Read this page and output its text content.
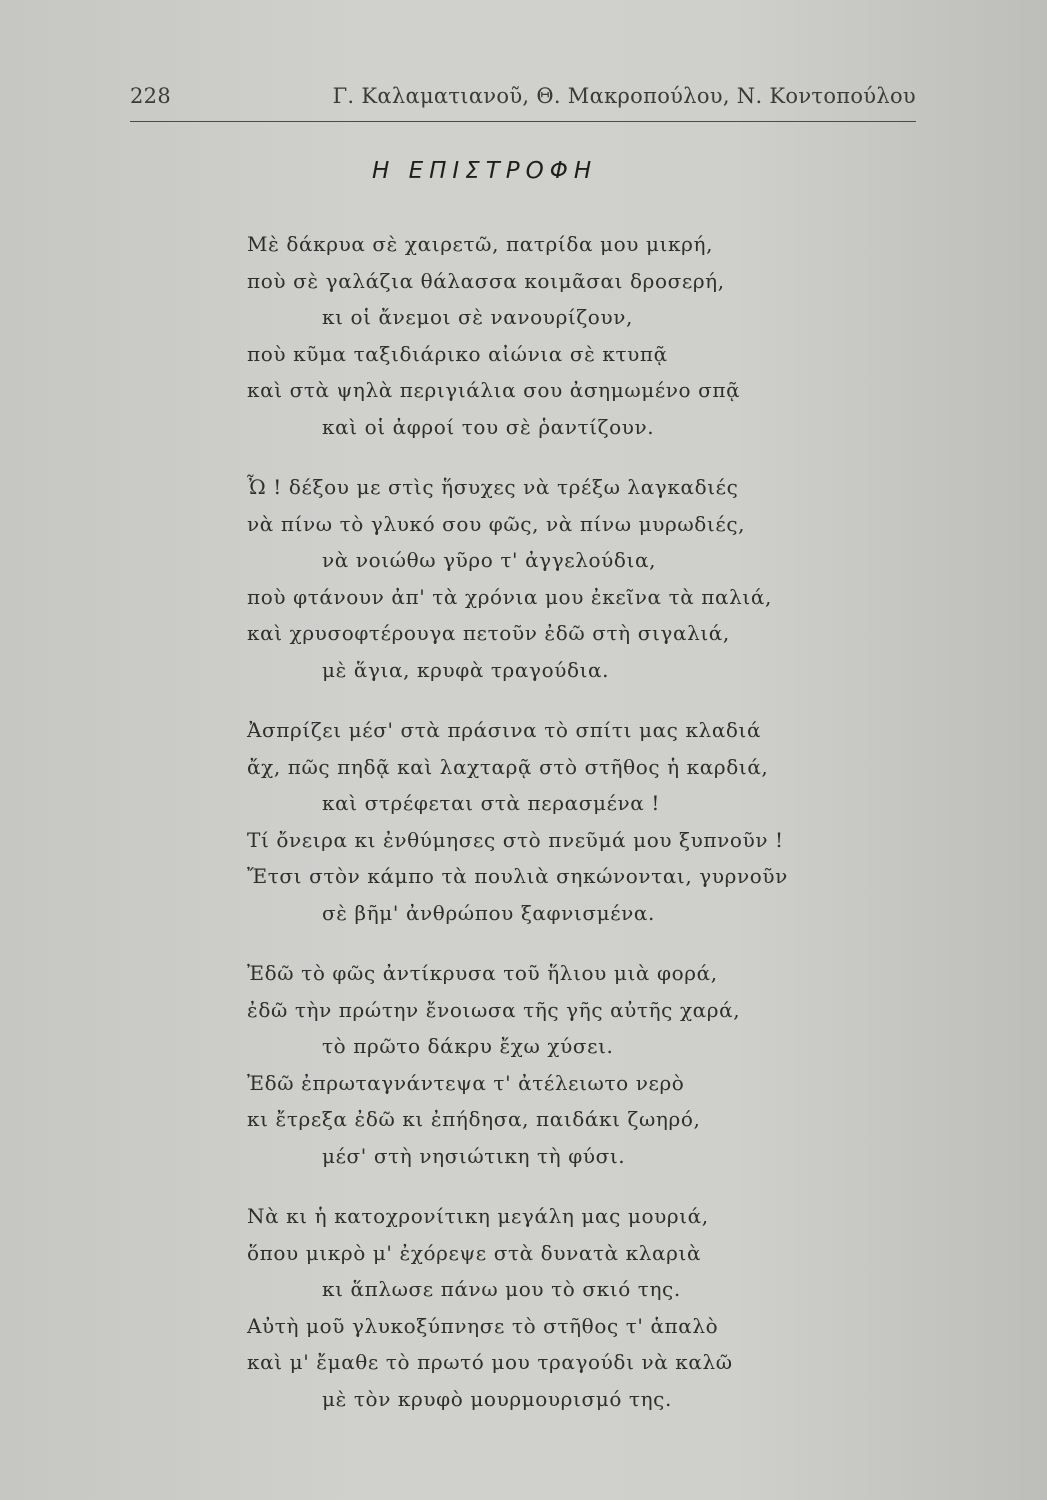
228	Γ. Καλαματιανοῦ, Θ. Μακροπούλου, Ν. Κοντοπούλου
Η ΕΠΙΣΤΡΟΦΗ
Μὲ δάκρυα σὲ χαιρετῶ, πατρίδα μου μικρή,
ποὺ σὲ γαλάζια θάλασσα κοιμᾶσαι δροσερή,
κι οἱ ἄνεμοι σὲ νανουρίζουν,
ποὺ κῦμα ταξιδιάρικο αἰώνια σὲ κτυπᾷ
καὶ στὰ ψηλὰ περιγιάλια σου ἀσημωμένο σπᾷ
καὶ οἱ ἀφροί του σὲ ῥαντίζουν.
Ὦ ! δέξου με στὶς ἥσυχες νὰ τρέξω λαγκαδιές
νὰ πίνω τὸ γλυκό σου φῶς, νὰ πίνω μυρωδιές,
νὰ νοιώθω γῦρο τ' ἀγγελούδια,
ποὺ φτάνουν ἀπ' τὰ χρόνια μου ἐκεῖνα τὰ παλιά,
καὶ χρυσοφτέρουγα πετοῦν ἐδῶ στὴ σιγαλιά,
μὲ ἅγια, κρυφὰ τραγούδια.
Ἀσπρίζει μέσ' στὰ πράσινα τὸ σπίτι μας κλαδιά
ἄχ, πῶς πηδᾷ καὶ λαχταρᾷ στὸ στῆθος ἡ καρδιά,
καὶ στρέφεται στὰ περασμένα !
Τί ὄνειρα κι ἐνθύμησες στὸ πνεῦμά μου ξυπνοῦν !
Ἔτσι στὸν κάμπο τὰ πουλιὰ σηκώνονται, γυρνοῦν
σὲ βῆμ' ἀνθρώπου ξαφνισμένα.
Ἐδῶ τὸ φῶς ἀντίκρυσα τοῦ ἥλιου μιὰ φορά,
ἐδῶ τὴν πρώτην ἔνοιωσα τῆς γῆς αὐτῆς χαρά,
τὸ πρῶτο δάκρυ ἔχω χύσει.
Ἐδῶ ἐπρωταγνάντεψα τ' ἀτέλειωτο νερὸ
κι ἔτρεξα ἐδῶ κι ἐπήδησα, παιδάκι ζωηρό,
μέσ' στὴ νησιώτικη τὴ φύσι.
Νὰ κι ἡ κατοχρονίτικη μεγάλη μας μουριά,
ὅπου μικρὸ μ' ἐχόρεψε στὰ δυνατὰ κλαριὰ
κι ἅπλωσε πάνω μου τὸ σκιό της.
Αὐτὴ μοῦ γλυκοξύπνησε τὸ στῆθος τ' ἁπαλὸ
καὶ μ' ἔμαθε τὸ πρωτό μου τραγούδι νὰ καλῶ
μὲ τὸν κρυφὸ μουρμουρισμό της.
